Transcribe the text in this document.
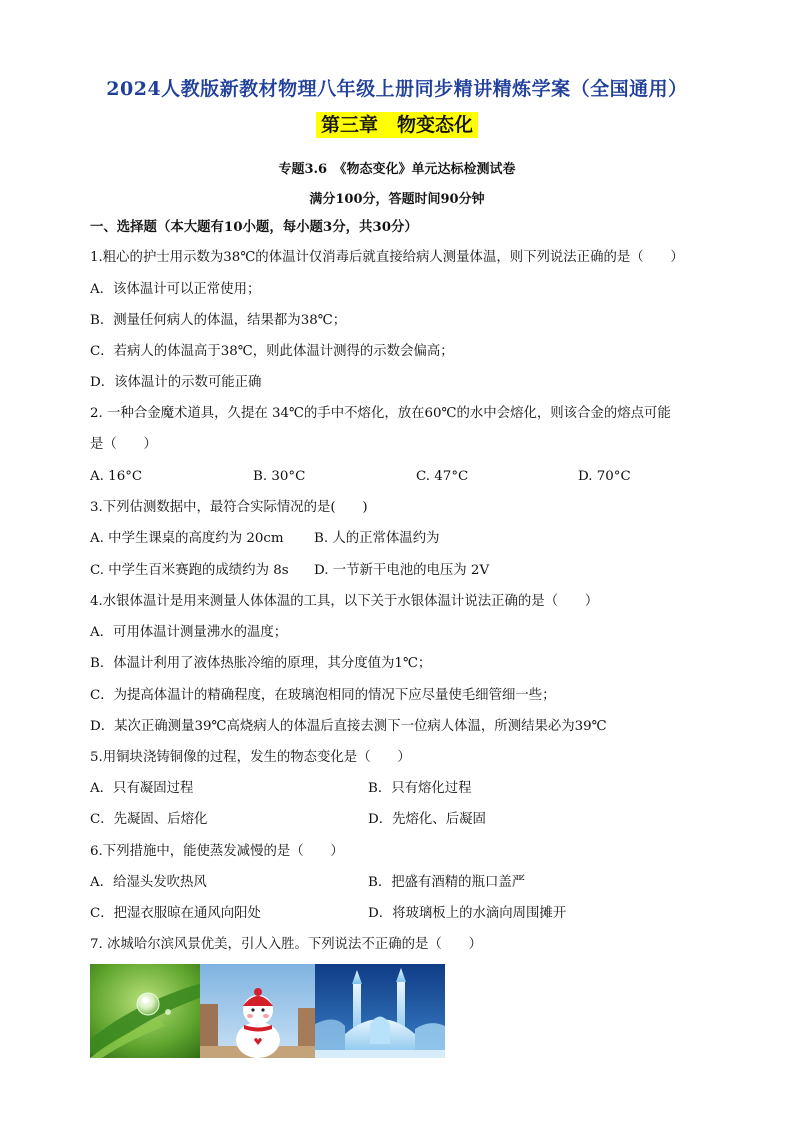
2024人教版新教材物理八年级上册同步精讲精炼学案（全国通用）
第三章　物变态化
专题3.6　《物态变化》单元达标检测试卷
满分100分，答题时间90分钟
一、选择题（本大题有10小题，每小题3分，共30分）
1.粗心的护士用示数为38℃的体温计仅消毒后就直接给病人测量体温，则下列说法正确的是（　　）
A．该体温计可以正常使用；
B．测量任何病人的体温，结果都为38℃；
C．若病人的体温高于38℃，则此体温计测得的示数会偏高；
D．该体温计的示数可能正确
2. 一种合金魔术道具，久提在 34℃的手中不熔化，放在60℃的水中会熔化，则该合金的熔点可能
是（　　）
A. 16°C	B. 30°C	C. 47°C	D. 70°C
3.下列估测数据中，最符合实际情况的是(　　)
A. 中学生课桌的高度约为 20cm B. 人的正常体温约为
C. 中学生百米赛跑的成绩约为 8s D. 一节新干电池的电压为 2V
4.水银体温计是用来测量人体体温的工具，以下关于水银体温计说法正确的是（　　）
A．可用体温计测量沸水的温度；
B．体温计利用了液体热胀冷缩的原理，其分度值为1℃；
C．为提高体温计的精确程度，在玻璃泡相同的情况下应尽量使毛细管细一些；
D．某次正确测量39℃高烧病人的体温后直接去测下一位病人体温，所测结果必为39℃
5.用铜块浇铸铜像的过程，发生的物态变化是（　　）
A．只有凝固过程	B．只有熔化过程
C．先凝固、后熔化	D．先熔化、后凝固
6.下列措施中，能使蒸发减慢的是（　　）
A．给湿头发吹热风	B．把盛有酒精的瓶口盖严
C．把湿衣服晾在通风向阳处	D．将玻璃板上的水滴向周围摊开
7. 冰城哈尔滨风景优美，引人入胜。下列说法不正确的是（　　）
